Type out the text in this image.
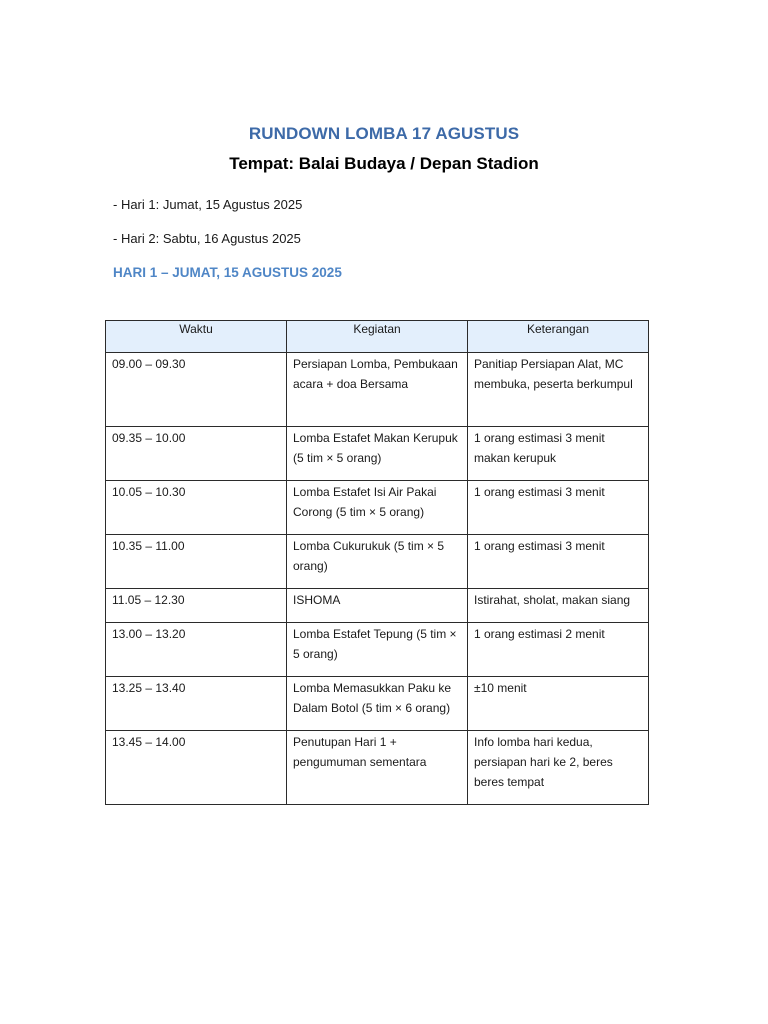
RUNDOWN LOMBA 17 AGUSTUS
Tempat: Balai Budaya / Depan Stadion
- Hari 1: Jumat, 15 Agustus 2025
- Hari 2: Sabtu, 16 Agustus 2025
HARI 1 – JUMAT, 15 AGUSTUS 2025
Waktu	Kegiatan	Keterangan
09.00 – 09.30	Persiapan Lomba, Pembukaan acara + doa Bersama	Panitiap Persiapan Alat, MC membuka, peserta berkumpul
09.35 – 10.00	Lomba Estafet Makan Kerupuk (5 tim × 5 orang)	1 orang estimasi 3 menit makan kerupuk
10.05 – 10.30	Lomba Estafet Isi Air Pakai Corong (5 tim × 5 orang)	1 orang estimasi 3 menit
10.35 – 11.00	Lomba Cukurukuk (5 tim × 5 orang)	1 orang estimasi 3 menit
11.05 – 12.30	ISHOMA	Istirahat, sholat, makan siang
13.00 – 13.20	Lomba Estafet Tepung (5 tim × 5 orang)	1 orang estimasi 2 menit
13.25 – 13.40	Lomba Memasukkan Paku ke Dalam Botol (5 tim × 6 orang)	±10 menit
13.45 – 14.00	Penutupan Hari 1 + pengumuman sementara	Info lomba hari kedua, persiapan hari ke 2, beres beres tempat
